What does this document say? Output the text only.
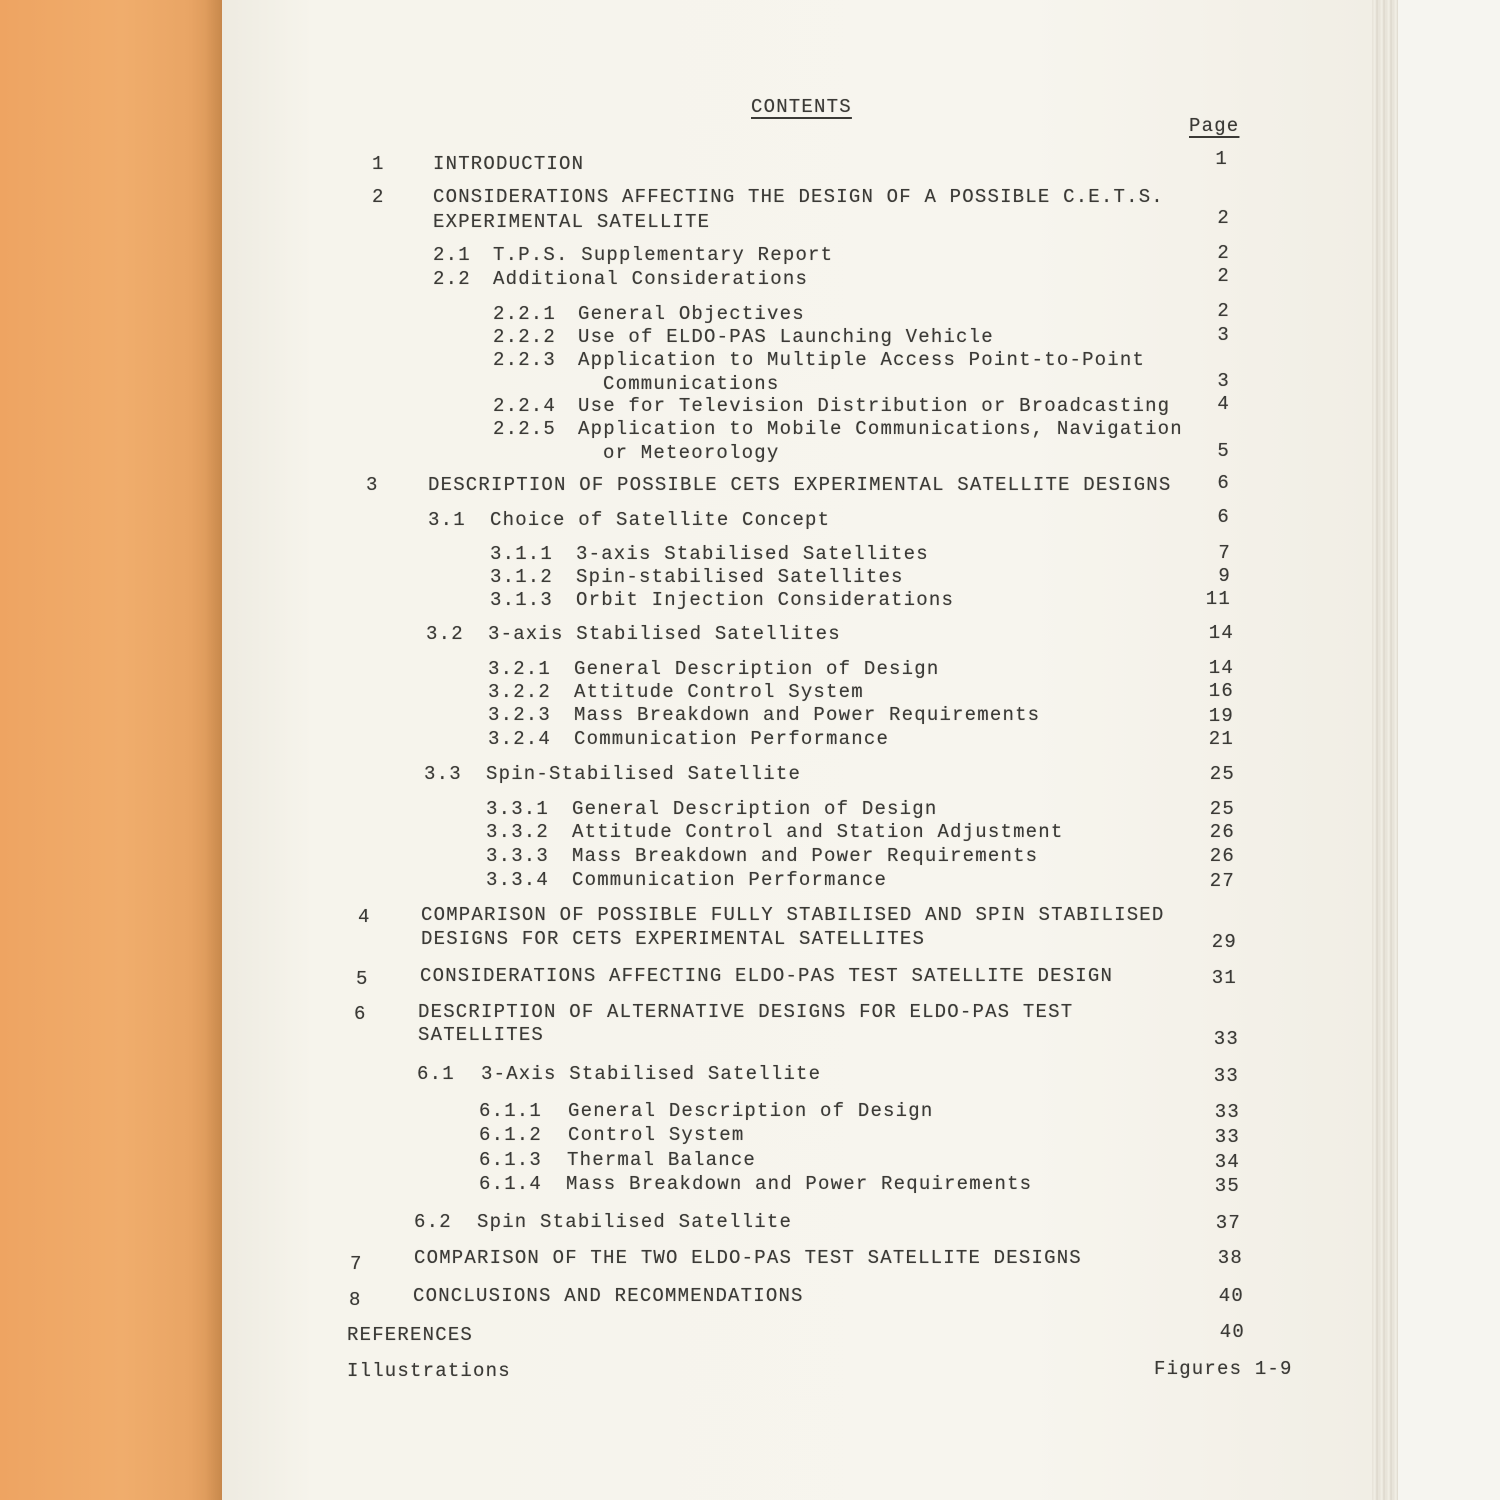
CONTENTS
Page
1	INTRODUCTION	1
2	CONSIDERATIONS AFFECTING THE DESIGN OF A POSSIBLE C.E.T.S.
EXPERIMENTAL SATELLITE	2
2.1 T.P.S. Supplementary Report	2
2.2 Additional Considerations	2
2.2.1 General Objectives	2
2.2.2 Use of ELDO-PAS Launching Vehicle	3
2.2.3 Application to Multiple Access Point-to-Point
Communications	3
2.2.4 Use for Television Distribution or Broadcasting	4
2.2.5 Application to Mobile Communications, Navigation
or Meteorology	5
3	DESCRIPTION OF POSSIBLE CETS EXPERIMENTAL SATELLITE DESIGNS	6
3.1 Choice of Satellite Concept	6
3.1.1 3-axis Stabilised Satellites	7
3.1.2 Spin-stabilised Satellites	9
3.1.3 Orbit Injection Considerations	11
3.2 3-axis Stabilised Satellites	14
3.2.1 General Description of Design	14
3.2.2 Attitude Control System	16
3.2.3 Mass Breakdown and Power Requirements	19
3.2.4 Communication Performance	21
3.3 Spin-Stabilised Satellite	25
3.3.1 General Description of Design	25
3.3.2 Attitude Control and Station Adjustment	26
3.3.3 Mass Breakdown and Power Requirements	26
3.3.4 Communication Performance	27
4	COMPARISON OF POSSIBLE FULLY STABILISED AND SPIN STABILISED
DESIGNS FOR CETS EXPERIMENTAL SATELLITES	29
5	CONSIDERATIONS AFFECTING ELDO-PAS TEST SATELLITE DESIGN	31
6	DESCRIPTION OF ALTERNATIVE DESIGNS FOR ELDO-PAS TEST
SATELLITES	33
6.1 3-Axis Stabilised Satellite	33
6.1.1 General Description of Design	33
6.1.2 Control System	33
6.1.3 Thermal Balance	34
6.1.4 Mass Breakdown and Power Requirements	35
6.2 Spin Stabilised Satellite	37
7	COMPARISON OF THE TWO ELDO-PAS TEST SATELLITE DESIGNS	38
8	CONCLUSIONS AND RECOMMENDATIONS	40
REFERENCES	40
Illustrations	Figures 1-9
